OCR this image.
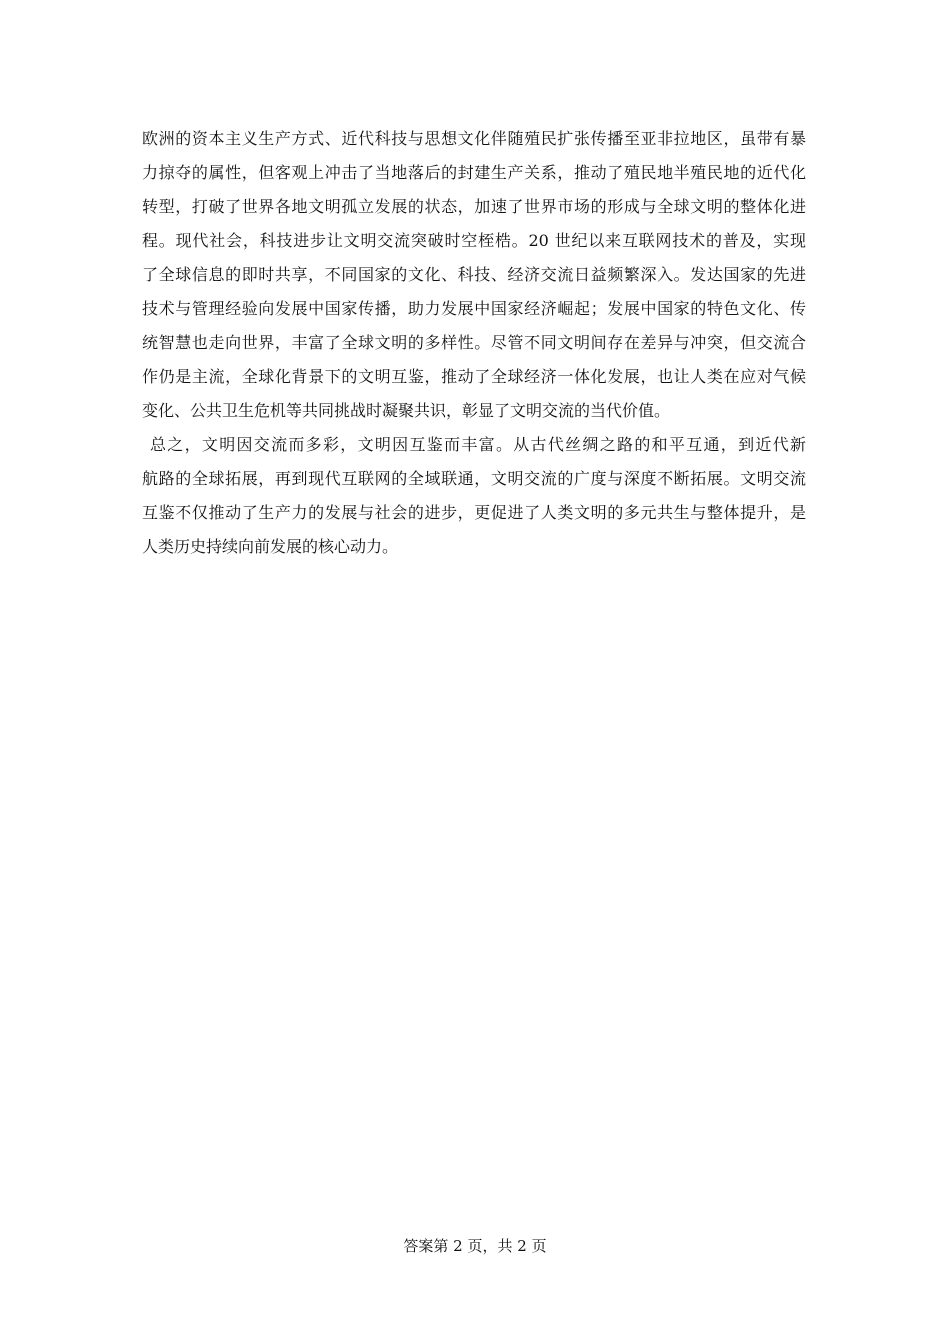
欧洲的资本主义生产方式、近代科技与思想文化伴随殖民扩张传播至亚非拉地区，虽带有暴
力掠夺的属性，但客观上冲击了当地落后的封建生产关系，推动了殖民地半殖民地的近代化
转型，打破了世界各地文明孤立发展的状态，加速了世界市场的形成与全球文明的整体化进
程。现代社会，科技进步让文明交流突破时空桎梏。20 世纪以来互联网技术的普及，实现
了全球信息的即时共享，不同国家的文化、科技、经济交流日益频繁深入。发达国家的先进
技术与管理经验向发展中国家传播，助力发展中国家经济崛起；发展中国家的特色文化、传
统智慧也走向世界，丰富了全球文明的多样性。尽管不同文明间存在差异与冲突，但交流合
作仍是主流，全球化背景下的文明互鉴，推动了全球经济一体化发展，也让人类在应对气候
变化、公共卫生危机等共同挑战时凝聚共识，彰显了文明交流的当代价值。
总之，文明因交流而多彩，文明因互鉴而丰富。从古代丝绸之路的和平互通，到近代新
航路的全球拓展，再到现代互联网的全域联通，文明交流的广度与深度不断拓展。文明交流
互鉴不仅推动了生产力的发展与社会的进步，更促进了人类文明的多元共生与整体提升，是
人类历史持续向前发展的核心动力。
答案第 2 页，共 2 页
